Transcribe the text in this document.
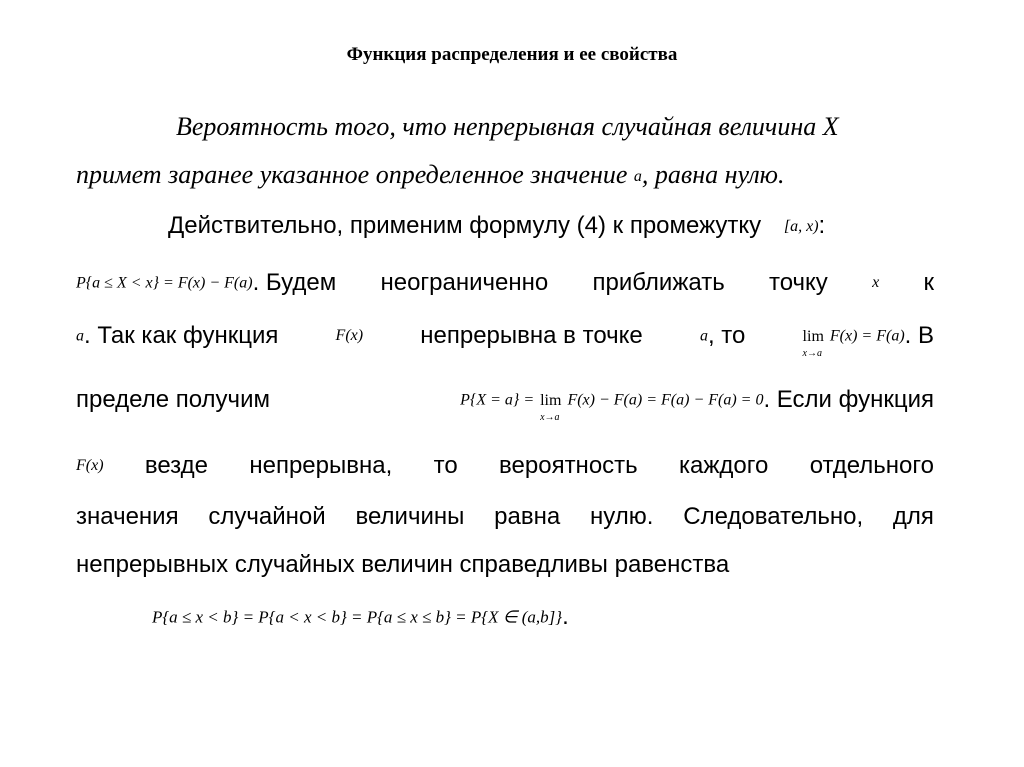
Функция распределения и ее свойства
Вероятность того, что непрерывная случайная величина X
примет заранее указанное определенное значение a, равна нулю.
Действительно, применим формулу (4) к промежутку [a, x):
P{a ≤ X < x} = F(x) − F(a). Будем неограниченно приближать точку	x к
a. Так как функция	F(x) непрерывна в точке	a, то	lim
x→a
F(x) = F(a). В
пределе получим	P{X = a} = lim
x→a
F(x) − F(a) = F(a) − F(a) = 0. Если функция
F(x) везде непрерывна, то вероятность каждого отдельного
значения случайной величины равна нулю. Следовательно, для
непрерывных случайных величин справедливы равенства
P{a ≤ x < b} = P{a < x < b} = P{a ≤ x ≤ b} = P{X ∈ (a,b]}.
